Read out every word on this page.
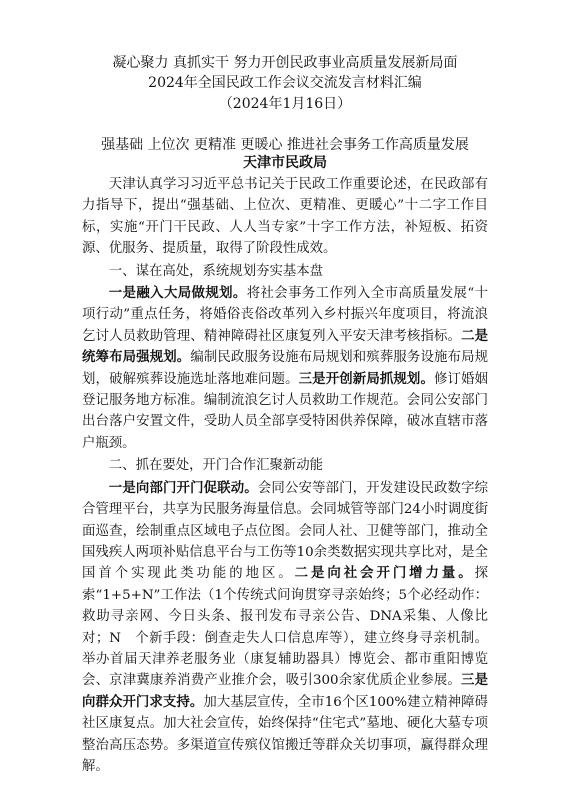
凝心聚力 真抓实干 努力开创民政事业高质量发展新局面
2024年全国民政工作会议交流发言材料汇编
（2024年1月16日）
强基础 上位次 更精准 更暖心 推进社会事务工作高质量发展
天津市民政局

天津认真学习习近平总书记关于民政工作重要论述，在民政部有力指导下，提出“强基础、上位次、更精准、更暖心”十二字工作目标，实施“开门干民政、人人当专家”十字工作方法，补短板、拓资源、优服务、提质量，取得了阶段性成效。

一、谋在高处，系统规划夯实基本盘

一是融入大局做规划。将社会事务工作列入全市高质量发展“十项行动”重点任务，将婚俗丧俗改革列入乡村振兴年度项目，将流浪乞讨人员救助管理、精神障碍社区康复列入平安天津考核指标。二是统筹布局强规划。编制民政服务设施布局规划和殡葬服务设施布局规划，破解殡葬设施选址落地难问题。三是开创新局抓规划。修订婚姻登记服务地方标准。编制流浪乞讨人员救助工作规范。会同公安部门出台落户安置文件，受助人员全部享受特困供养保障，破冰直辖市落户瓶颈。

二、抓在要处，开门合作汇聚新动能

一是向部门开门促联动。会同公安等部门，开发建设民政数字综合管理平台，共享为民服务海量信息。会同城管等部门24小时调度街面巡查，绘制重点区域电子点位图。会同人社、卫健等部门，推动全国残疾人两项补贴信息平台与工伤等10余类数据实现共享比对，是全国首个实现此类功能的地区。二是向社会开门增力量。探索“1+5+N”工作法（1个传统式问询贯穿寻亲始终；5个必经动作：救助寻亲网、今日头条、报刊发布寻亲公告、DNA采集、人像比对；N　个新手段：倒查走失人口信息库等），建立终身寻亲机制。举办首届天津养老服务业（康复辅助器具）博览会、都市重阳博览会、京津冀康养消费产业推介会，吸引300余家优质企业参展。三是向群众开门求支持。加大基层宣传，全市16个区100%建立精神障碍社区康复点。加大社会宣传，始终保持“住宅式”墓地、硬化大墓专项整治高压态势。多渠道宣传殡仪馆搬迁等群众关切事项，赢得群众理解。
